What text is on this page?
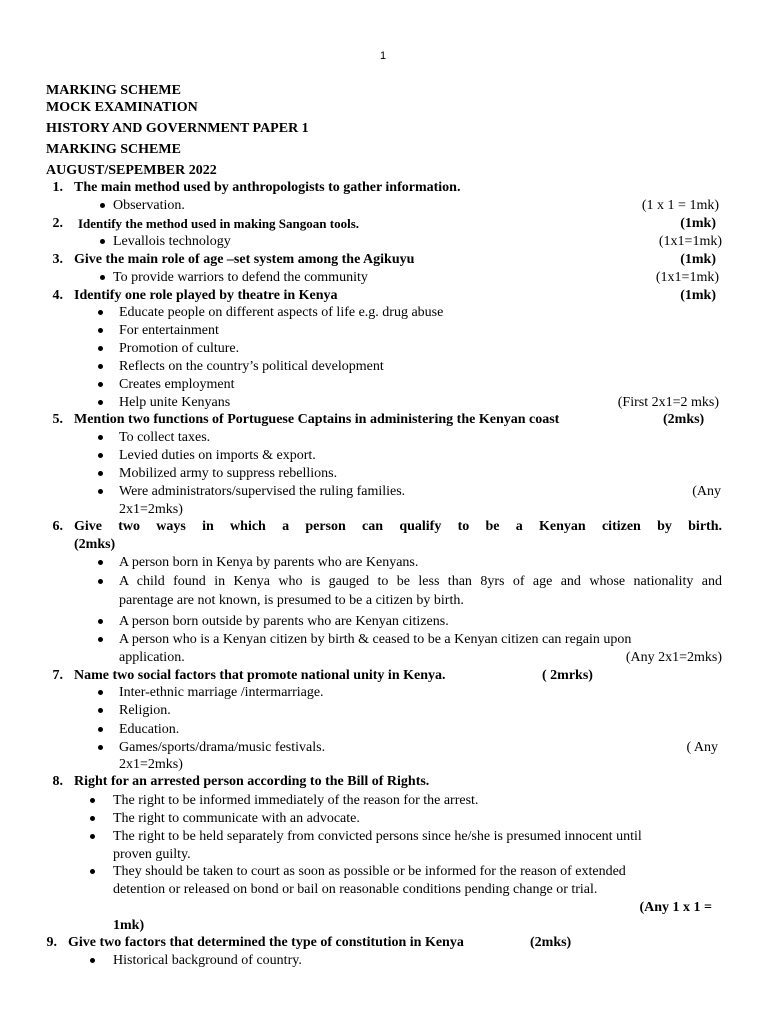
1
MARKING SCHEME
MOCK EXAMINATION
HISTORY AND GOVERNMENT PAPER 1
MARKING SCHEME
AUGUST/SEPEMBER 2022
1. The main method used by anthropologists to gather information.
Observation.	(1 x 1 = 1mk)
2. Identify the method used in making Sangoan tools.	(1mk)
Levallois technology	(1x1=1mk)
3. Give the main role of age –set system among the Agikuyu	(1mk)
To provide warriors to defend the community	(1x1=1mk)
4. Identify one role played by theatre in Kenya	(1mk)
Educate people on different aspects of life e.g. drug abuse
For entertainment
Promotion of culture.
Reflects on the country’s political development
Creates employment
Help unite Kenyans	(First 2x1=2 mks)
5. Mention two functions of Portuguese Captains in administering the Kenyan coast	(2mks)
To collect taxes.
Levied duties on imports & export.
Mobilized army to suppress rebellions.
Were administrators/supervised the ruling families.	(Any
2x1=2mks)
6. Give two ways in which a person can qualify to be a Kenyan citizen by birth.
(2mks)
A person born in Kenya by parents who are Kenyans.
A child found in Kenya who is gauged to be less than 8yrs of age and whose nationality and
parentage are not known, is presumed to be a citizen by birth.
A person born outside by parents who are Kenyan citizens.
A person who is a Kenyan citizen by birth & ceased to be a Kenyan citizen can regain upon
application.	(Any 2x1=2mks)
7. Name two social factors that promote national unity in Kenya.	( 2mrks)
Inter-ethnic marriage /intermarriage.
Religion.
Education.
Games/sports/drama/music festivals.	( Any
2x1=2mks)
8. Right for an arrested person according to the Bill of Rights.
The right to be informed immediately of the reason for the arrest.
The right to communicate with an advocate.
The right to be held separately from convicted persons since he/she is presumed innocent until
proven guilty.
They should be taken to court as soon as possible or be informed for the reason of extended
detention or released on bond or bail on reasonable conditions pending change or trial.
(Any 1 x 1 =
1mk)
9. Give two factors that determined the type of constitution in Kenya	(2mks)
Historical background of country.
